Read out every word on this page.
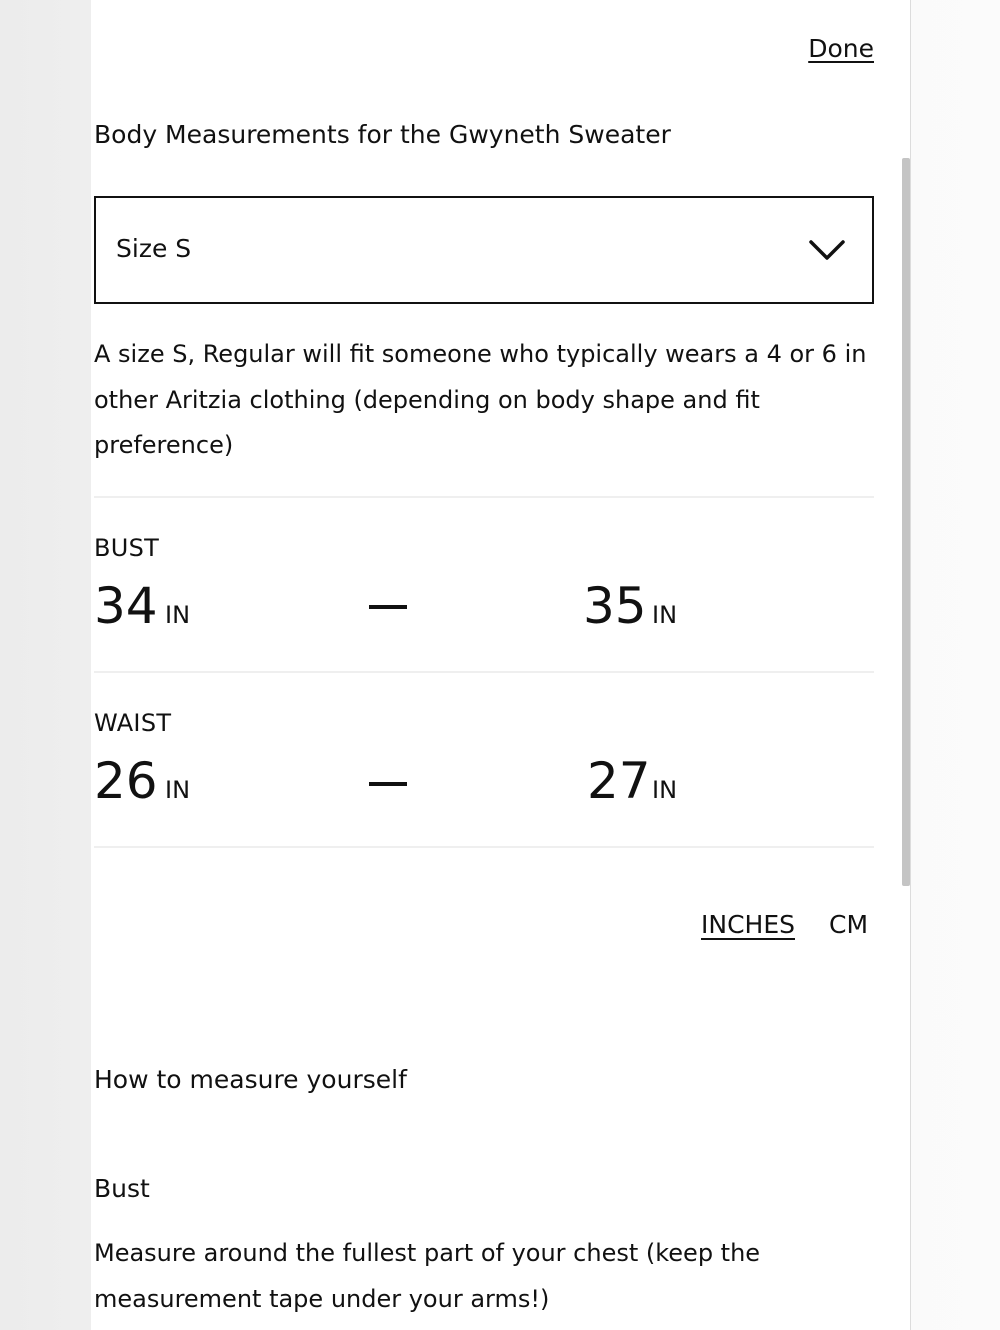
Done
Body Measurements for the Gwyneth Sweater
Size S
A size S, Regular will fit someone who typically wears a 4 or 6 in other Aritzia clothing (depending on body shape and fit preference)
BUST
34 IN	35 IN
WAIST
26 IN	27 IN
INCHES CM
How to measure yourself
Bust
Measure around the fullest part of your chest (keep the measurement tape under your arms!)
